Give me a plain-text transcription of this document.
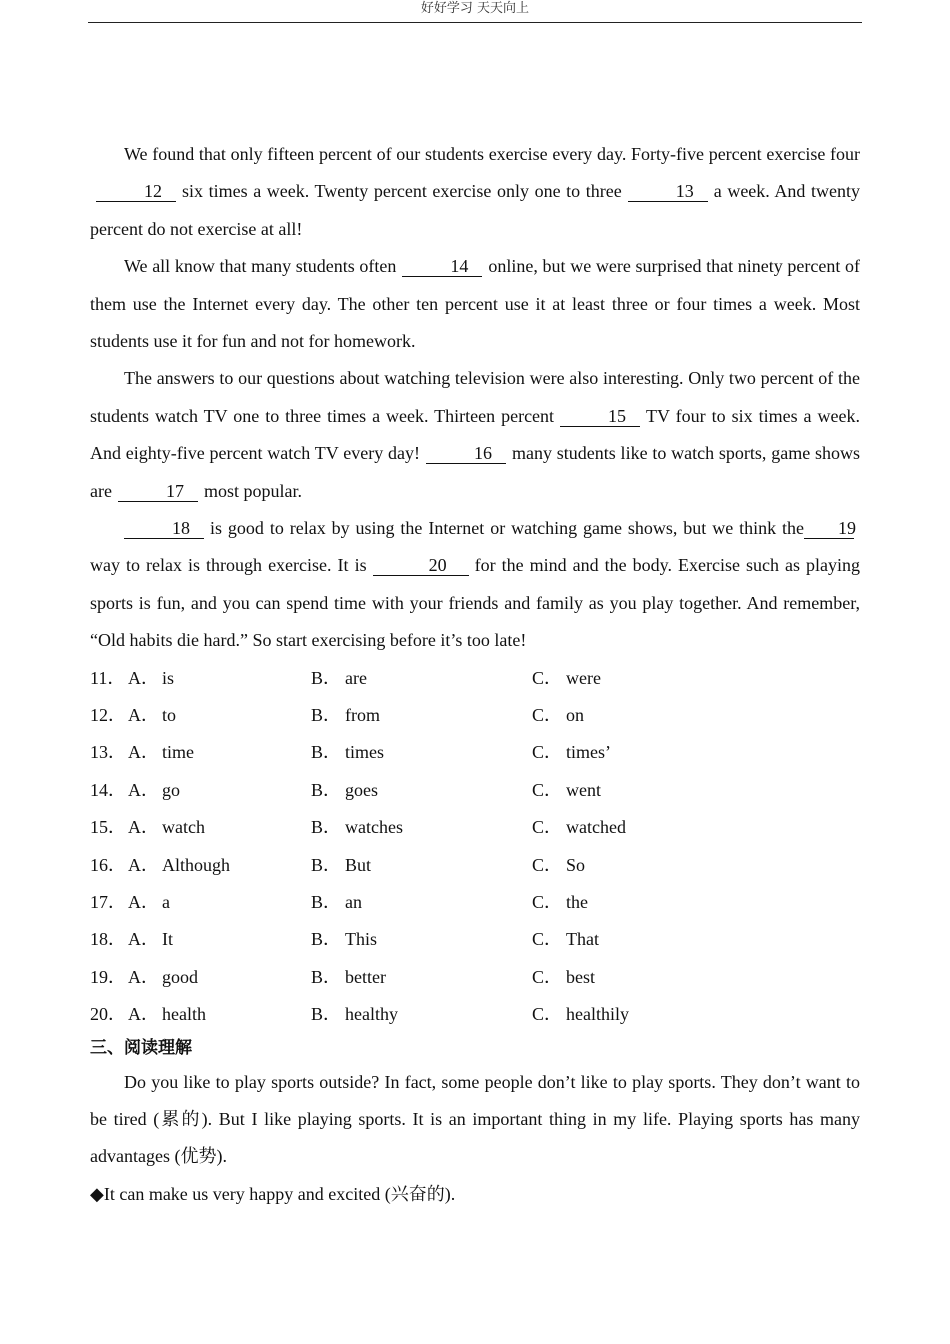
好好学习 天天向上

We found that only fifteen percent of our students exercise every day. Forty-five percent exercise four12 six times a week. Twenty percent exercise only one to three	13 a week. And twenty percent do not exercise at all!

We all know that many students often	14 online, but we were surprised that ninety percent of them use the Internet every day. The other ten percent use it at least three or four times a week. Most students use it for fun and not for homework.

The answers to our questions about watching television were also interesting. Only two percent of the students watch TV one to three times a week. Thirteen percent	15 TV four to six times a week. And eighty-five percent watch TV every day!	16 many students like to watch sports, game shows are	17 most popular.

18 is good to relax by using the Internet or watching game shows, but we think the 19way to relax is through exercise. It is	20 for the mind and the body. Exercise such as playing sports is fun, and you can spend time with your friends and family as you play together. And remember, “Old habits die hard.” So start exercising before it’s too late!

11． A． is	B． are	C． were
12． A． to	B． from	C． on
13． A． time	B． times	C． times’
14． A． go	B． goes	C． went
15． A． watch	B． watches	C． watched
16． A． Although	B． But	C． So
17． A． a	B． an	C． the
18． A． It	B． This	C． That
19． A． good	B． better	C． best
20． A． health	B． healthy	C． healthily
三、阅读理解

Do you like to play sports outside? In fact, some people don’t like to play sports. They don’t want to be tired (累的). But I like playing sports. It is an important thing in my life. Playing sports has many advantages (优势).

◆It can make us very happy and excited (兴奋的).
